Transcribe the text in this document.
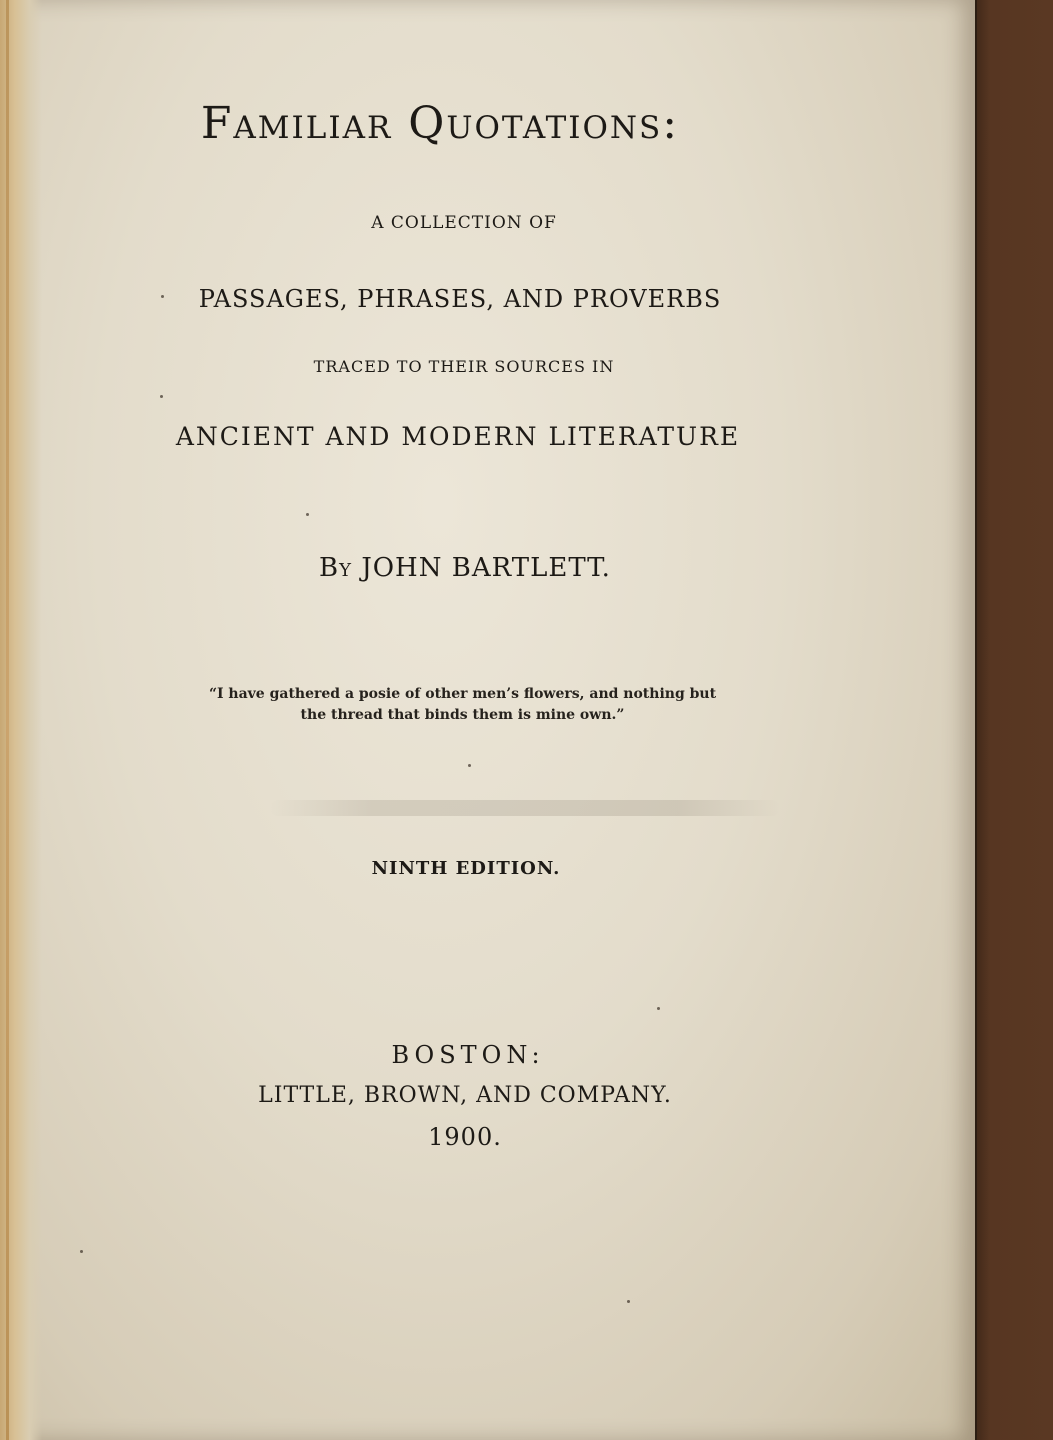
Familiar Quotations:
A COLLECTION OF
PASSAGES, PHRASES, AND PROVERBS
TRACED TO THEIR SOURCES IN
ANCIENT AND MODERN LITERATURE
By JOHN BARTLETT.
“I have gathered a posie of other men’s flowers, and nothing but the thread that binds them is mine own.”
NINTH EDITION.
BOSTON:
LITTLE, BROWN, AND COMPANY.
1900.
